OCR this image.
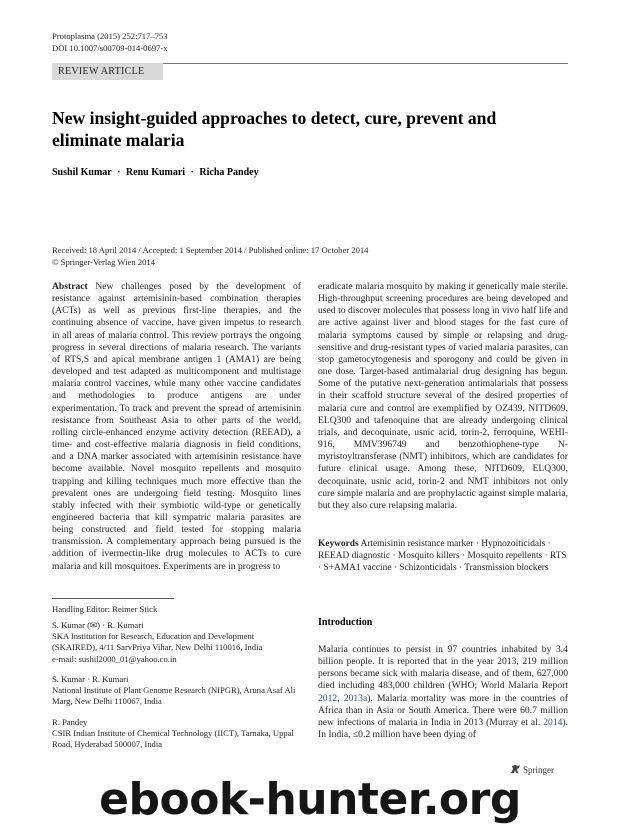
Protoplasma (2015) 252:717–753
DOI 10.1007/s00709-014-0697-x
REVIEW ARTICLE
New insight-guided approaches to detect, cure, prevent and eliminate malaria
Sushil Kumar · Renu Kumari · Richa Pandey
Received: 18 April 2014 / Accepted: 1 September 2014 / Published online: 17 October 2014
© Springer-Verlag Wien 2014
Abstract New challenges posed by the development of resistance against artemisinin-based combination therapies (ACTs) as well as previous first-line therapies, and the continuing absence of vaccine, have given impetus to research in all areas of malaria control. This review portrays the ongoing progress in several directions of malaria research. The variants of RTS,S and apical membrane antigen 1 (AMA1) are being developed and test adapted as multicomponent and multistage malaria control vaccines, while many other vaccine candidates and methodologies to produce antigens are under experimentation. To track and prevent the spread of artemisinin resistance from Southeast Asia to other parts of the world, rolling circle-enhanced enzyme activity detection (REEAD), a time- and cost-effective malaria diagnosis in field conditions, and a DNA marker associated with artemisinin resistance have become available. Novel mosquito repellents and mosquito trapping and killing techniques much more effective than the prevalent ones are undergoing field testing. Mosquito lines stably infected with their symbiotic wild-type or genetically engineered bacteria that kill sympatric malaria parasites are being constructed and field tested for stopping malaria transmission. A complementary approach being pursued is the addition of ivermectin-like drug molecules to ACTs to cure malaria and kill mosquitoes. Experiments are in progress to
eradicate malaria mosquito by making it genetically male sterile. High-throughput screening procedures are being developed and used to discover molecules that possess long in vivo half life and are active against liver and blood stages for the fast cure of malaria symptoms caused by simple or relapsing and drug-sensitive and drug-resistant types of varied malaria parasites, can stop gametocytogenesis and sporogony and could be given in one dose. Target-based antimalarial drug designing has begun. Some of the putative next-generation antimalarials that possess in their scaffold structure several of the desired properties of malaria cure and control are exemplified by OZ439, NITD609, ELQ300 and tafenoquine that are already undergoing clinical trials, and decoquinate, usnic acid, torin-2, ferroquine, WEHI-916, MMV396749 and benzothiophene-type N-myristoyltransferase (NMT) inhibitors, which are candidates for future clinical usage. Among these, NITD609, ELQ300, decoquinate, usnic acid, torin-2 and NMT inhibitors not only cure simple malaria and are prophylactic against simple malaria, but they also cure relapsing malaria.
Keywords Artemisinin resistance marker · Hypnozoiticidals · REEAD diagnostic · Mosquito killers · Mosquito repellents · RTS · S+AMA1 vaccine · Schizonticidals · Transmission blockers
Handling Editor: Reimer Stick

S. Kumar (✉) · R. Kumari

SKA Institution for Research, Education and Development (SKAIRED), 4/11 SarvPriya Vihar, New Delhi 110016, India

e-mail: sushil2000_01@yahoo.co.in

S. Kumar · R. Kumari

National Institute of Plant Genome Research (NIPGR), Aruna Asaf Ali Marg, New Delhi 110067, India

R. Pandey

CSIR Indian Institute of Chemical Technology (IICT), Tarnaka, Uppal Road, Hyderabad 500007, India

Introduction
Malaria continues to persist in 97 countries inhabited by 3.4 billion people. It is reported that in the year 2013, 219 million persons became sick with malaria disease, and of them, 627,000 died including 483,000 children (WHO; World Malaria Report 2012, 2013a). Malaria mortality was more in the countries of Africa than in Asia or South America. There were 60.7 million new infections of malaria in India in 2013 (Murray et al. 2014). In India, ≤0.2 million have been dying of
Springer
ebook-hunter.org
